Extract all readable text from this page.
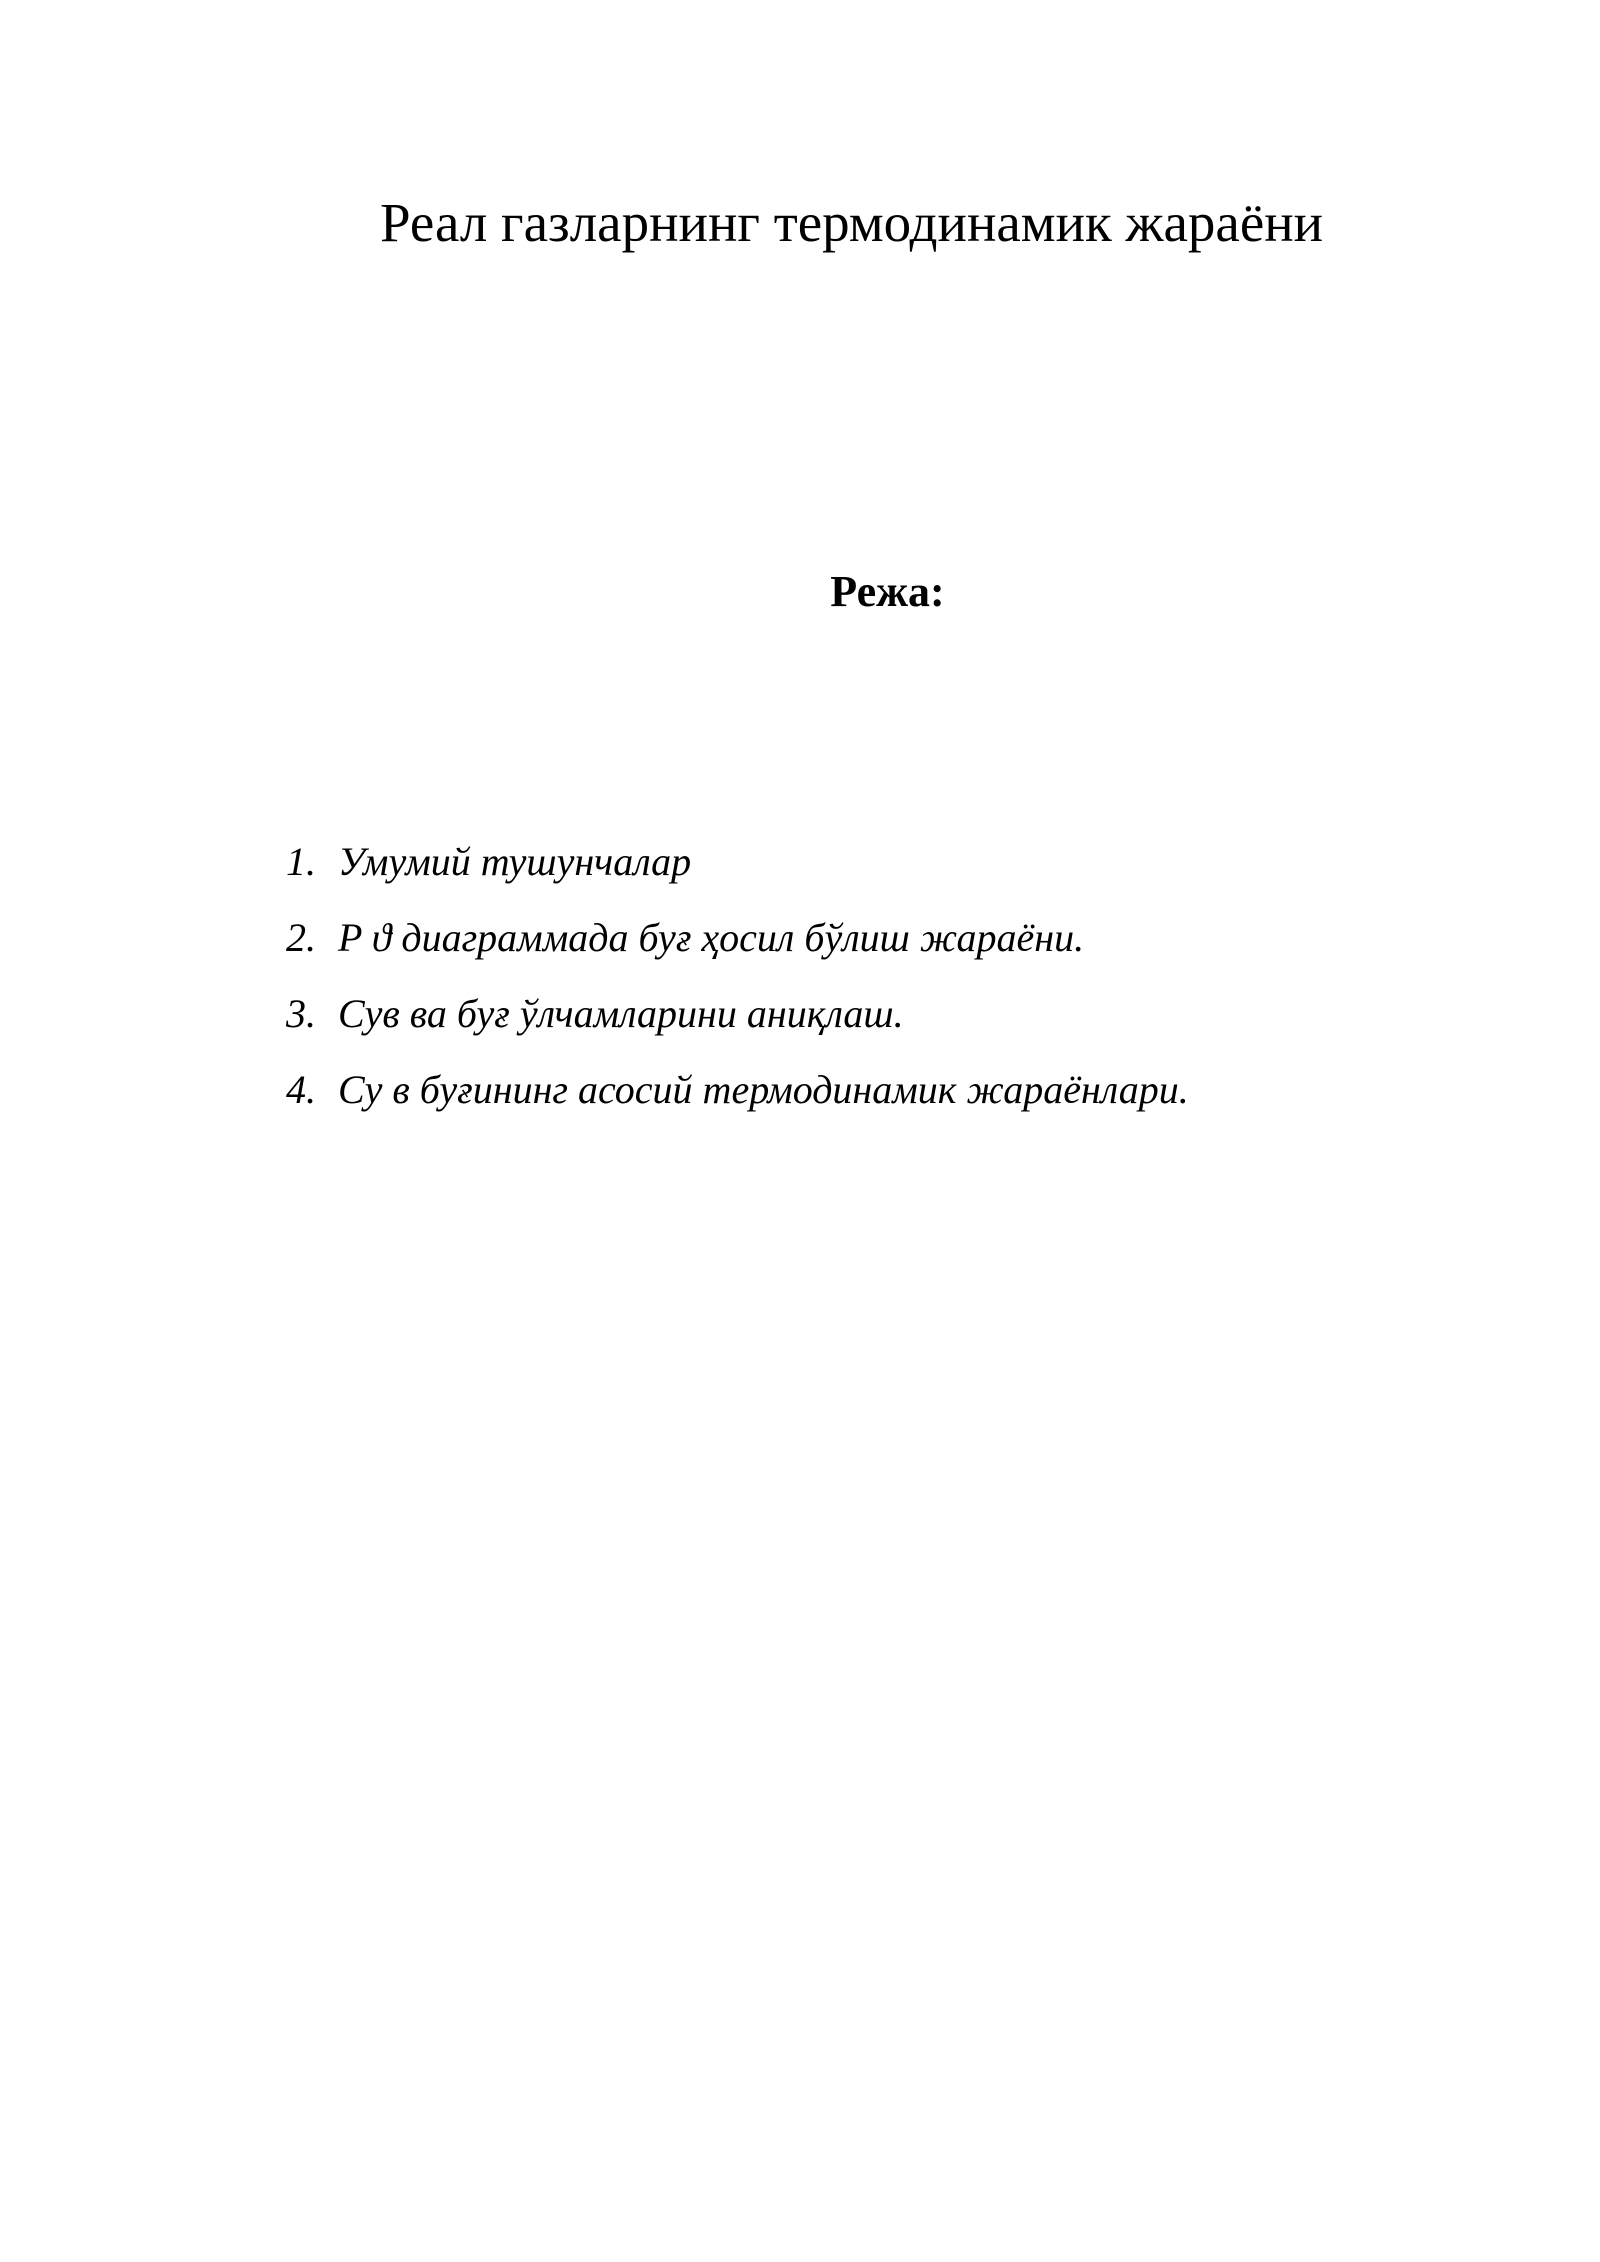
Реал газларнинг термодинамик жараёни
Режа:
1. Умумий тушунчалар
2. P ϑ диаграммада буғ ҳосил бўлиш жараёни.
3. Сув ва буғ ўлчамларини аниқлаш.
4. Су в буғининг асосий термодинамик жараёнлари.
